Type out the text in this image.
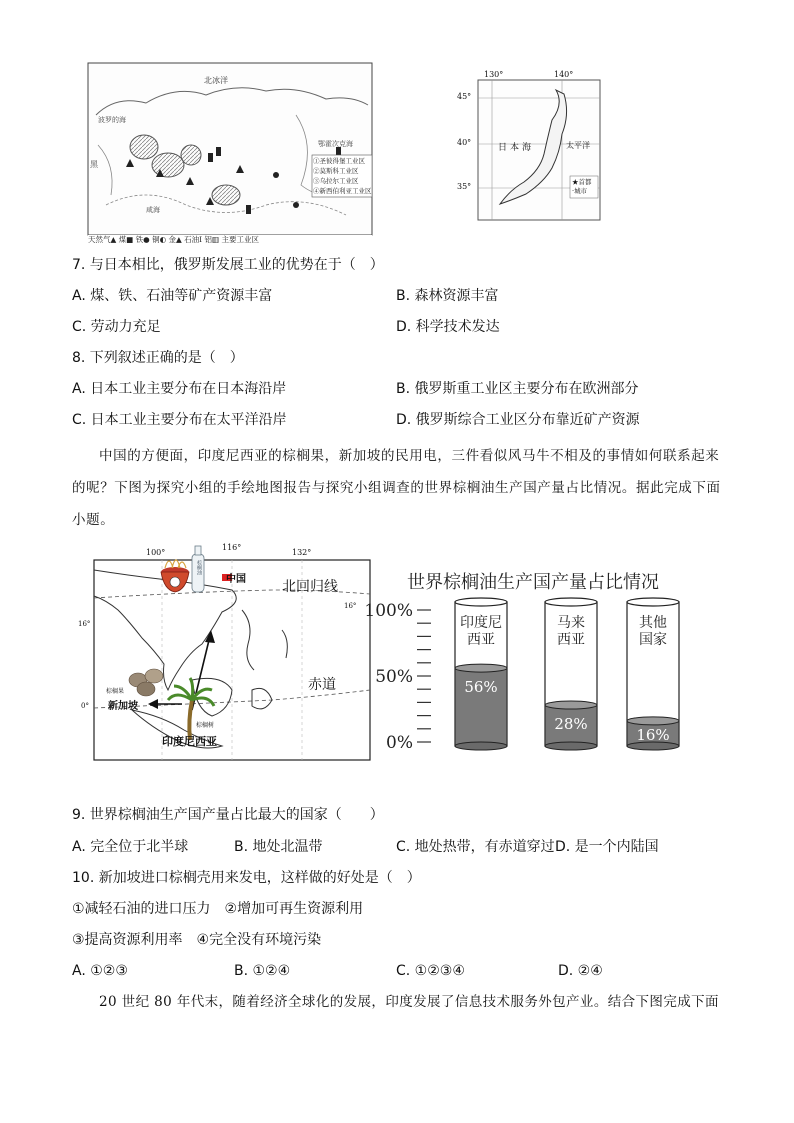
北冰洋
波罗的海
黑
咸海
鄂霍次克海
①圣彼得堡工业区
②莫斯科工业区
③乌拉尔工业区
④新西伯利亚工业区
天然气▲ 煤■ 铁● 铜◐ 金▲ 石油Ⅰ 铝▥ 主要工业区
130°	140°
45°
40°
35°
日本海	太平洋
★首都
·城市
7. 与日本相比，俄罗斯发展工业的优势在于（　）
A. 煤、铁、石油等矿产资源丰富	B. 森林资源丰富
C. 劳动力充足	D. 科学技术发达
8. 下列叙述正确的是（　）
A. 日本工业主要分布在日本海沿岸	B. 俄罗斯重工业区主要分布在欧洲部分
C. 日本工业主要分布在太平洋沿岸	D. 俄罗斯综合工业区分布靠近矿产资源
中国的方便面，印度尼西亚的棕榈果，新加坡的民用电，三件看似风马牛不相及的事情如何联系起来的呢？下图为探究小组的手绘地图报告与探究小组调查的世界棕榈油生产国产量占比情况。据此完成下面小题。
100°
116°
132°
16°
0°
16°
中国	北回归线
赤道
新加坡
印度尼西亚
棕榈油
棕榈果
棕榈树
世界棕榈油生产国产量占比情况
100%
50%
0%
印度尼
西亚
56%
马来
西亚
28%
其他
国家
16%
9. 世界棕榈油生产国产量占比最大的国家（　　）
A. 完全位于北半球	B. 地处北温带	C. 地处热带，有赤道穿过 D. 是一个内陆国
10. 新加坡进口棕榈壳用来发电，这样做的好处是（　）
①减轻石油的进口压力　②增加可再生资源利用
③提高资源利用率　④完全没有环境污染
A. ①②③	B. ①②④	C. ①②③④	D. ②④
20 世纪 80 年代末，随着经济全球化的发展，印度发展了信息技术服务外包产业。结合下图完成下面
